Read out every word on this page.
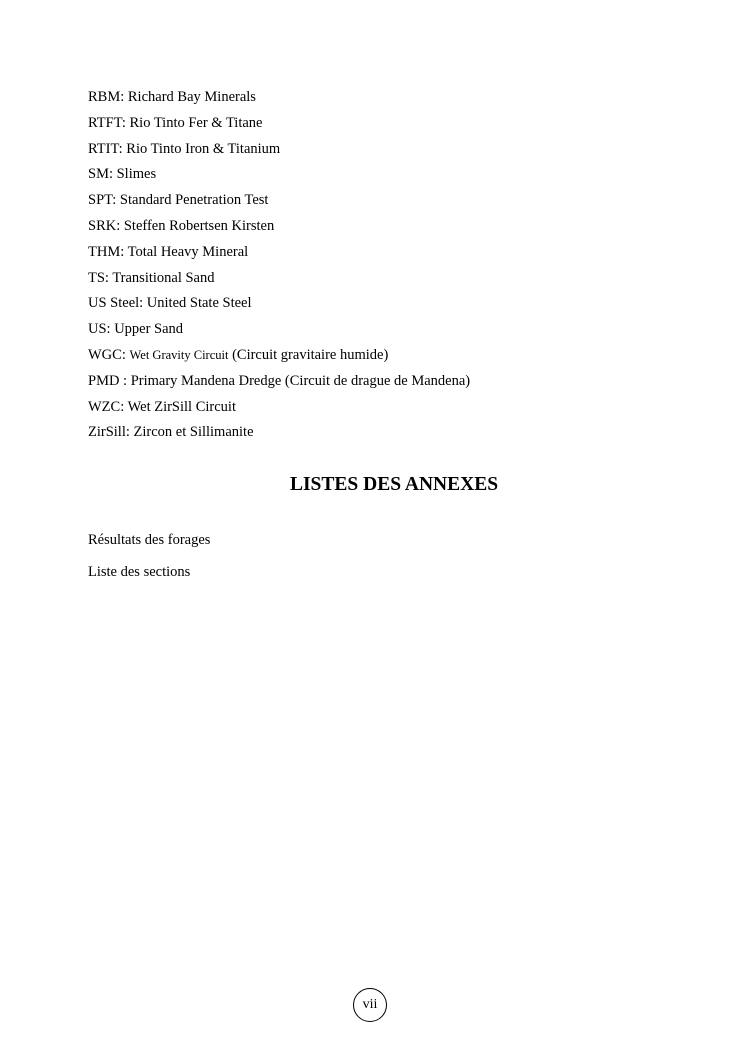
RBM: Richard Bay Minerals
RTFT: Rio Tinto Fer & Titane
RTIT: Rio Tinto Iron & Titanium
SM: Slimes
SPT: Standard Penetration Test
SRK: Steffen Robertsen Kirsten
THM: Total Heavy Mineral
TS: Transitional Sand
US Steel: United State Steel
US: Upper Sand
WGC: Wet Gravity Circuit (Circuit gravitaire humide)
PMD : Primary Mandena Dredge (Circuit de drague de Mandena)
WZC: Wet ZirSill Circuit
ZirSill: Zircon et Sillimanite
LISTES DES ANNEXES
Résultats des forages
Liste des sections
vii
